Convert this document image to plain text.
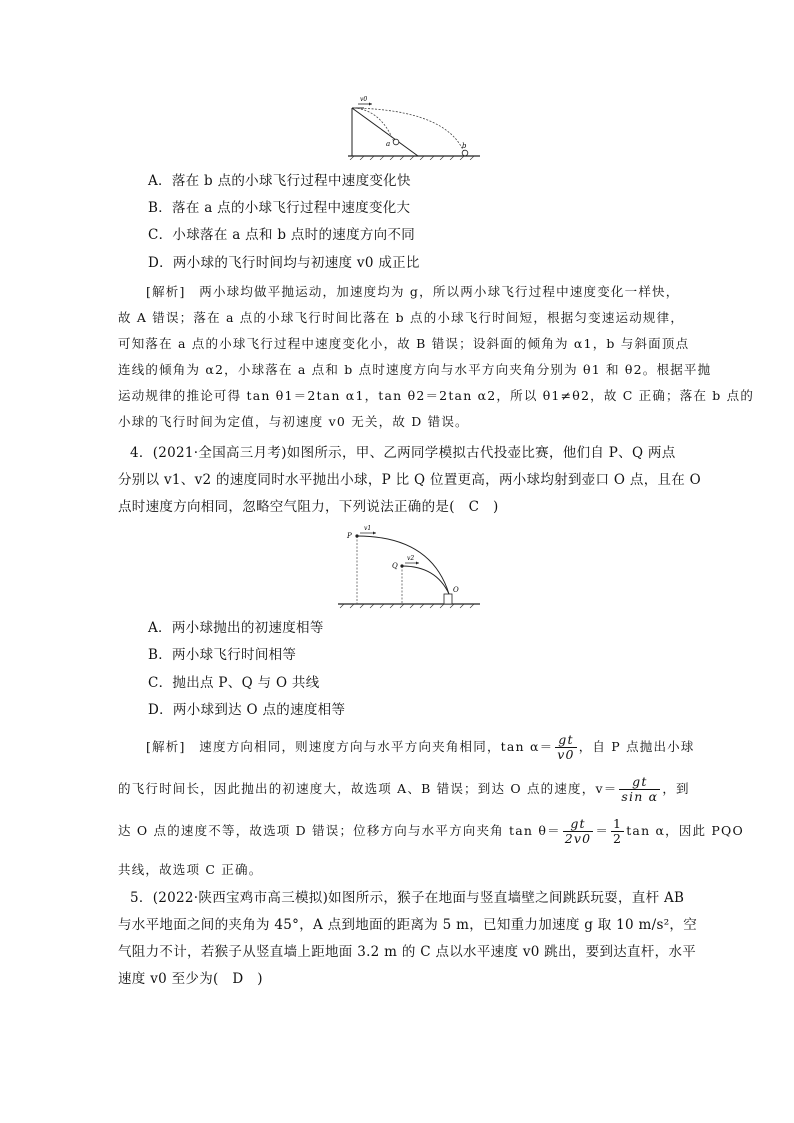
v0
a	b
A．落在 b 点的小球飞行过程中速度变化快
B．落在 a 点的小球飞行过程中速度变化大
C．小球落在 a 点和 b 点时的速度方向不同
D．两小球的飞行时间均与初速度 v0 成正比
[解析]　两小球均做平抛运动，加速度均为 g，所以两小球飞行过程中速度变化一样快，
故 A 错误；落在 a 点的小球飞行时间比落在 b 点的小球飞行时间短，根据匀变速运动规律，
可知落在 a 点的小球飞行过程中速度变化小，故 B 错误；设斜面的倾角为 α1，b 与斜面顶点
连线的倾角为 α2，小球落在 a 点和 b 点时速度方向与水平方向夹角分别为 θ1 和 θ2。根据平抛
运动规律的推论可得 tan θ1＝2tan α1，tan θ2＝2tan α2，所以 θ1≠θ2，故 C 正确；落在 b 点的
小球的飞行时间为定值，与初速度 v0 无关，故 D 错误。
4．(2021·全国高三月考)如图所示，甲、乙两同学模拟古代投壶比赛，他们自 P、Q 两点
分别以 v1、v2 的速度同时水平抛出小球，P 比 Q 位置更高，两小球均射到壶口 O 点，且在 O
点时速度方向相同，忽略空气阻力，下列说法正确的是(　C　)
P
Q
v1
v2
O
A．两小球抛出的初速度相等
B．两小球飞行时间相等
C．抛出点 P、Q 与 O 共线
D．两小球到达 O 点的速度相等
[解析]　速度方向相同，则速度方向与水平方向夹角相同，$\tan \alpha= \frac{gt}{v0}$ ，自 P 点抛出小球
的飞行时间长，因此抛出的初速度大，故选项 A、B 错误；到达 O 点的速度，$v= \frac{gt}{\text{sin α}}$ ，到
达 O 点的速度不等，故选项 D 错误；位移方向与水平方向夹角 $\tan \theta= \frac{gt}{2v0} = \frac{1}{2}$ tan α，因此 PQO
共线，故选项 C 正确。
5．(2022·陕西宝鸡市高三模拟)如图所示，猴子在地面与竖直墙壁之间跳跃玩耍，直杆 AB
与水平地面之间的夹角为 45°，A 点到地面的距离为 5 m，已知重力加速度 g 取 10 m/s²，空
气阻力不计，若猴子从竖直墙上距地面 3.2 m 的 C 点以水平速度 v0 跳出，要到达直杆，水平
速度 v0 至少为(　D　)
